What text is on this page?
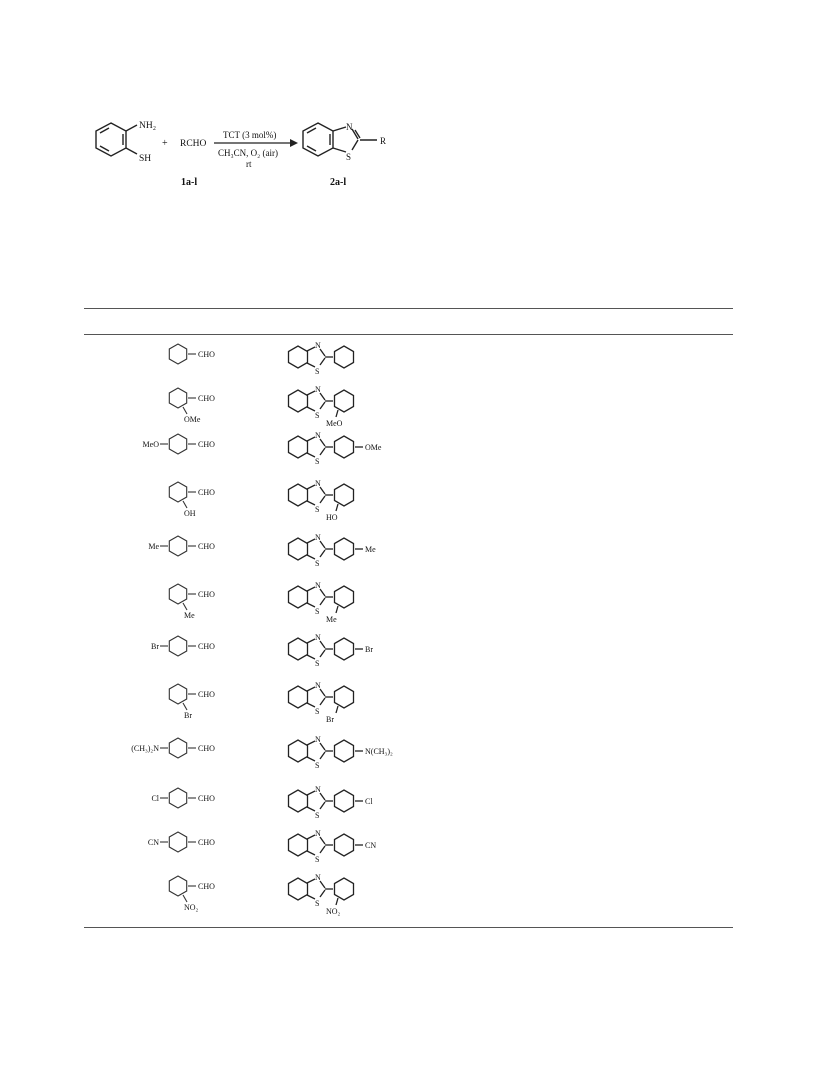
NH₂
SH
+ RCHO
1a-l
TCT (3 mol%)
CH₃CN, O₂ (air)
rt
N
S
R
2a-l
CHO
N
S
CHO
OMe
N
S
MeO
CHO
MeO
N
S
OMe
CHO
OH
N
S
HO
CHO
Me
N
S
Me
CHO
Me
N
S
Me
CHO
Br
N
S
Br
CHO
Br
N
S
Br
CHO
(CH₃)₂N
N
S
N(CH₃)₂
CHO
Cl
N
S
Cl
CHO
CN
N
S
CN
CHO
NO₂
N
S
NO₂
